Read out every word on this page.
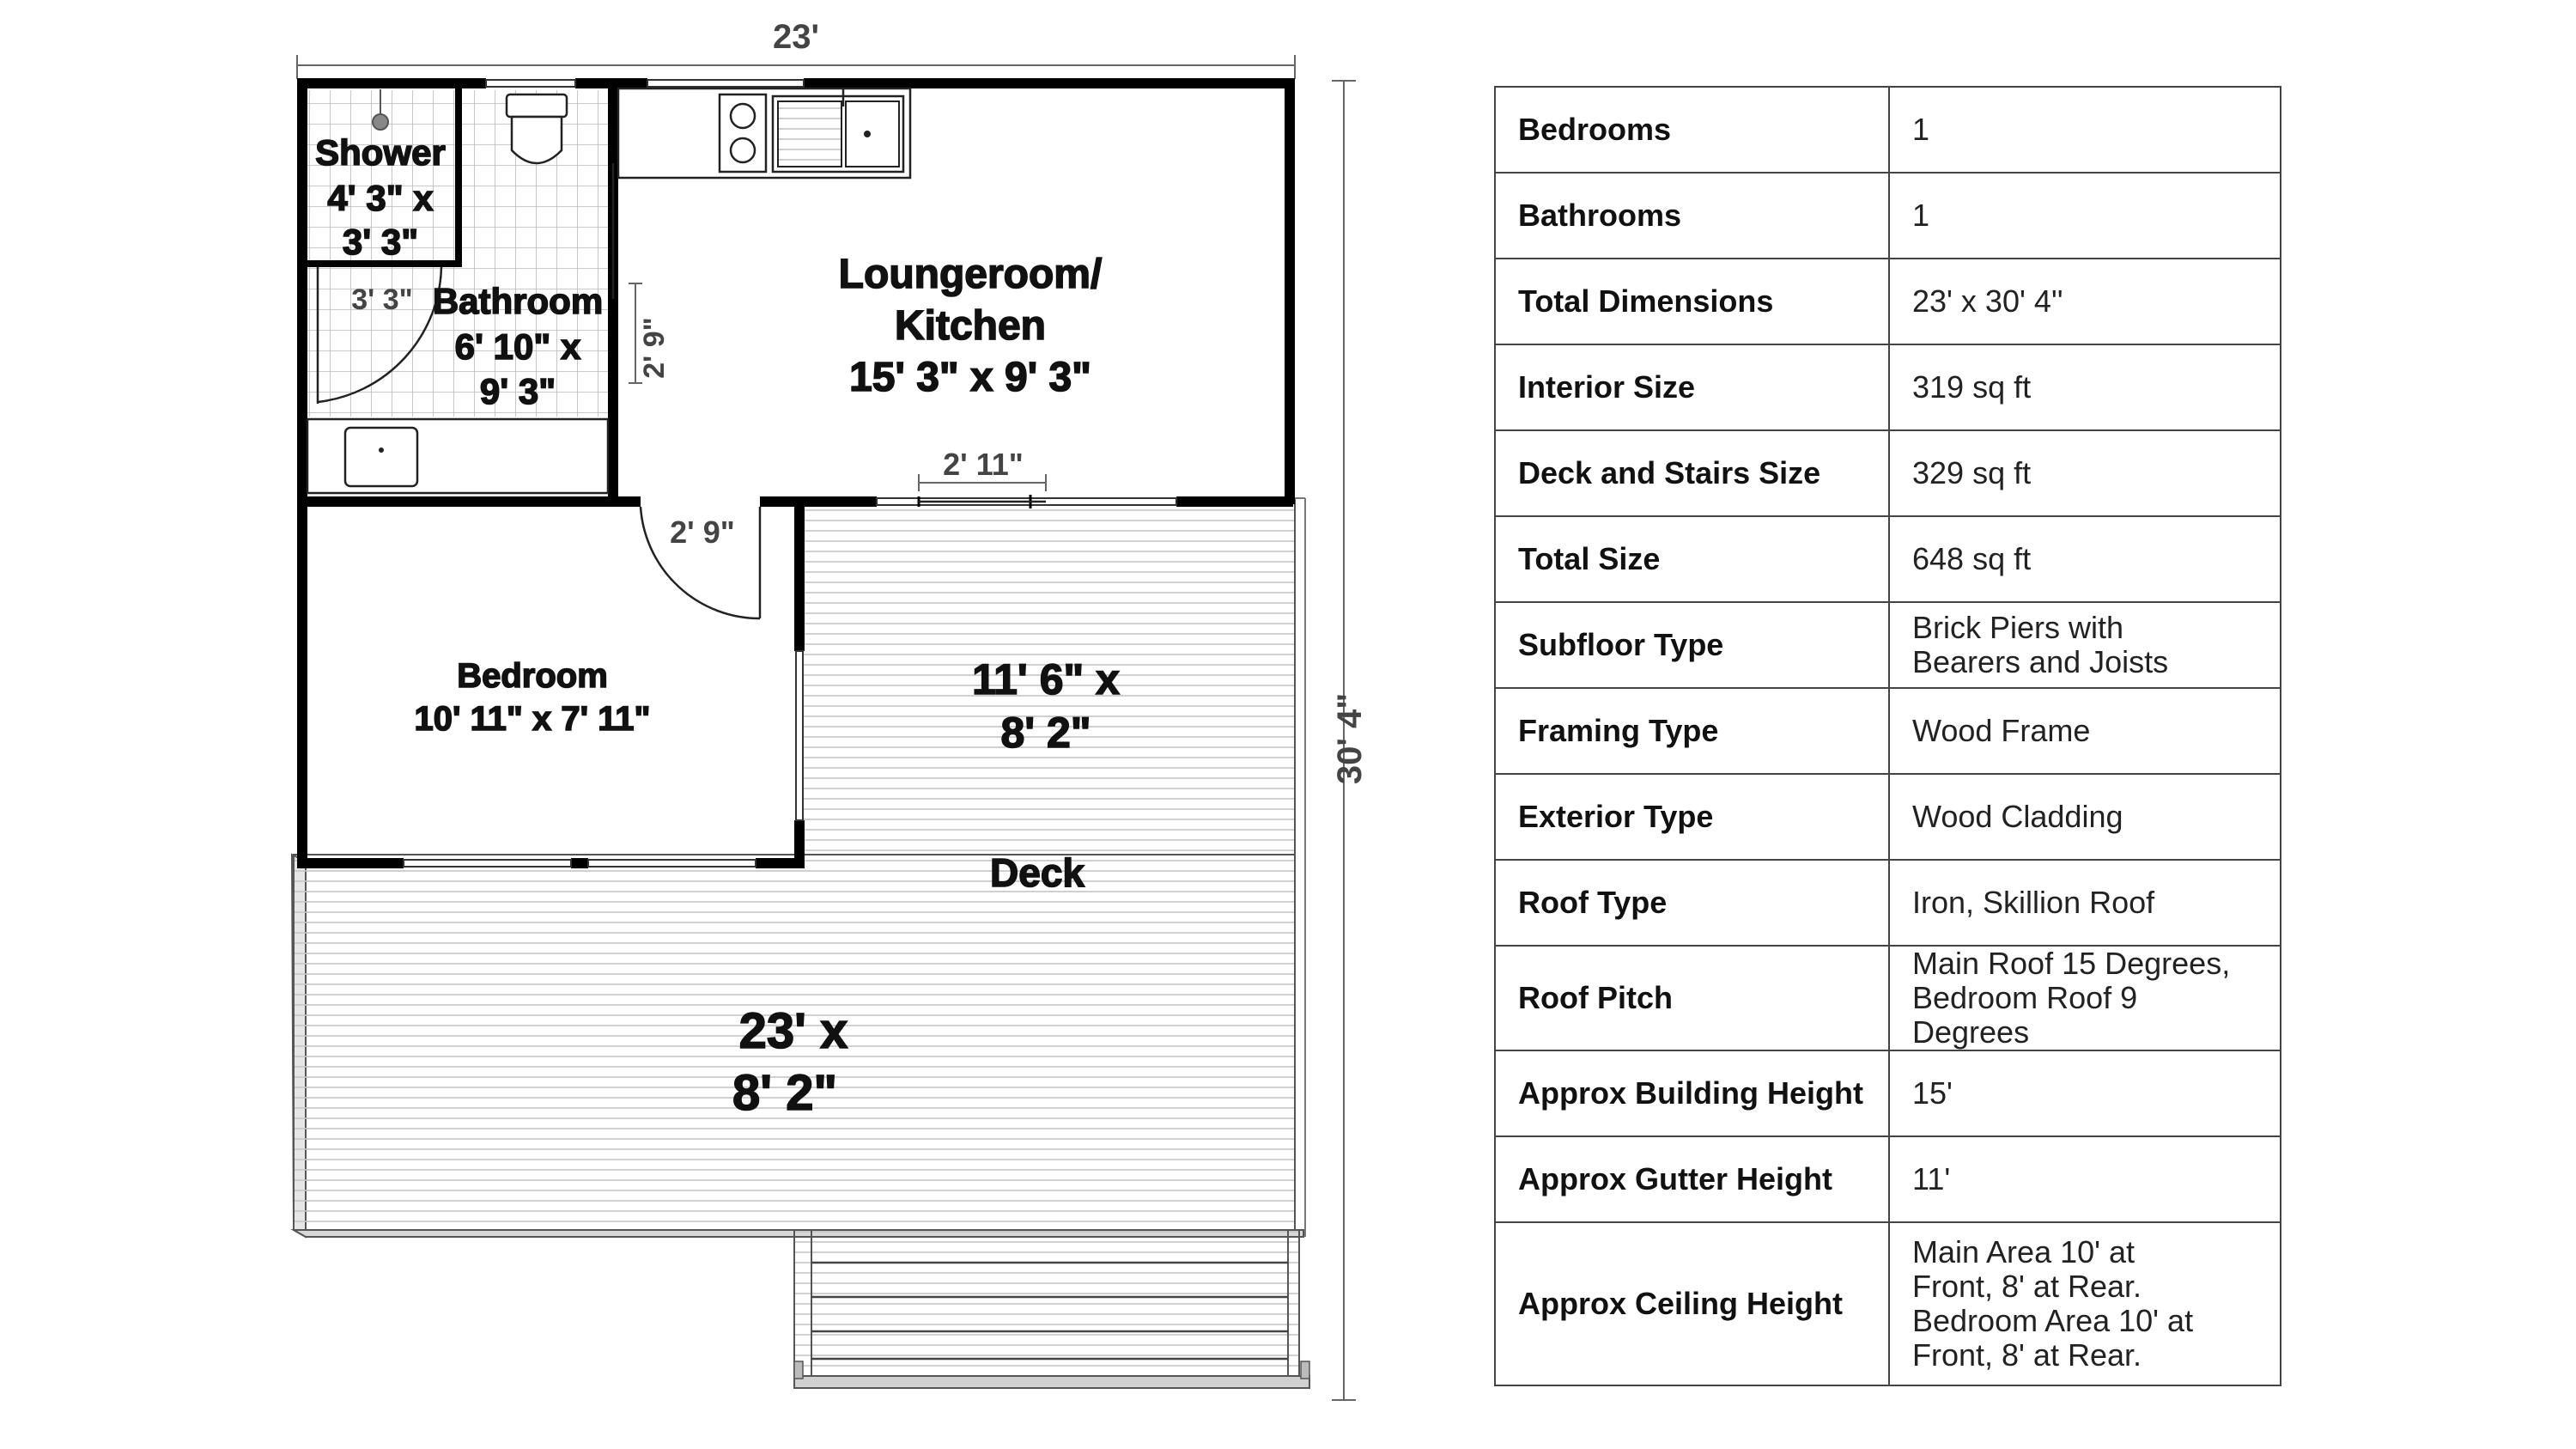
23'
30' 4"
2' 11"
2' 9"
3' 3"
2' 9"
Shower
4' 3" x
3' 3"
Bathroom
6' 10" x
9' 3"
Loungeroom/
Kitchen
15' 3" x 9' 3"
Bedroom
10' 11" x 7' 11"
11' 6" x
8' 2"
Deck
23' x
8' 2"
Bedrooms	1

Bathrooms	1

Total Dimensions	23' x 30' 4''

Interior Size	319 sq ft

Deck and Stairs Size	329 sq ft

Total Size	648 sq ft

Subfloor Type	Brick Piers with
Bearers and Joists

Framing Type	Wood Frame

Exterior Type	Wood Cladding

Roof Type	Iron, Skillion Roof

Roof Pitch	Main Roof 15 Degrees,
Bedroom Roof 9 Degrees

Approx Building Height	15'

Approx Gutter Height	11'

Approx Ceiling Height	Main Area 10' at
Front, 8' at Rear.
Bedroom Area 10' at
Front, 8' at Rear.
